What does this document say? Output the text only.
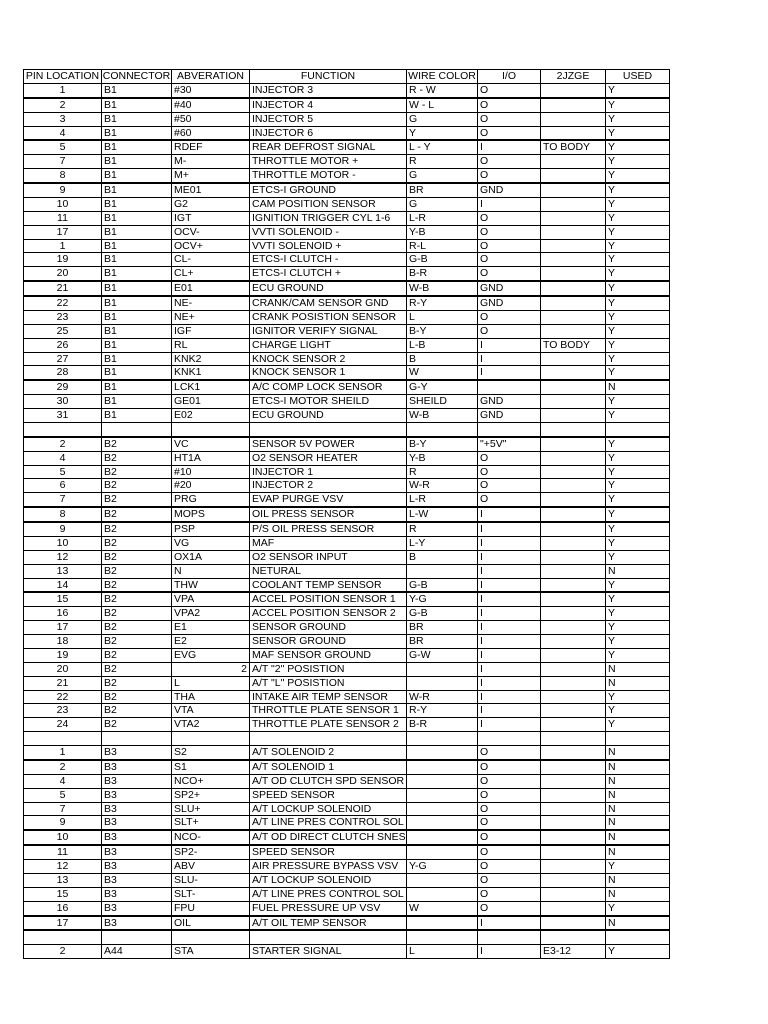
PIN LOCATION	CONNECTOR	ABVERATION	FUNCTION	WIRE COLOR	I/O	2JZGE	USED
1	B1	#30	INJECTOR 3	R - W	O		Y
2	B1	#40	INJECTOR 4	W - L	O		Y
3	B1	#50	INJECTOR 5	G	O		Y
4	B1	#60	INJECTOR 6	Y	O		Y
5	B1	RDEF	REAR DEFROST SIGNAL	L - Y	I	TO BODY	Y
7	B1	M-	THROTTLE MOTOR +	R	O		Y
8	B1	M+	THROTTLE MOTOR -	G	O		Y
9	B1	ME01	ETCS-I GROUND	BR	GND		Y
10	B1	G2	CAM POSITION SENSOR	G	I		Y
11	B1	IGT	IGNITION TRIGGER CYL 1-6	L-R	O		Y
17	B1	OCV-	VVTI SOLENOID -	Y-B	O		Y
1	B1	OCV+	VVTI SOLENOID +	R-L	O		Y
19	B1	CL-	ETCS-I CLUTCH -	G-B	O		Y
20	B1	CL+	ETCS-I CLUTCH +	B-R	O		Y
21	B1	E01	ECU GROUND	W-B	GND		Y
22	B1	NE-	CRANK/CAM SENSOR GND	R-Y	GND		Y
23	B1	NE+	CRANK POSISTION SENSOR	L	O		Y
25	B1	IGF	IGNITOR VERIFY SIGNAL	B-Y	O		Y
26	B1	RL	CHARGE LIGHT	L-B	I	TO BODY	Y
27	B1	KNK2	KNOCK SENSOR 2	B	I		Y
28	B1	KNK1	KNOCK SENSOR 1	W	I		Y
29	B1	LCK1	A/C COMP LOCK SENSOR	G-Y			N
30	B1	GE01	ETCS-I MOTOR SHEILD	SHEILD	GND		Y
31	B1	E02	ECU GROUND	W-B	GND		Y

2	B2	VC	SENSOR 5V POWER	B-Y	"+5V"		Y
4	B2	HT1A	O2 SENSOR HEATER	Y-B	O		Y
5	B2	#10	INJECTOR 1	R	O		Y
6	B2	#20	INJECTOR 2	W-R	O		Y
7	B2	PRG	EVAP PURGE VSV	L-R	O		Y
8	B2	MOPS	OIL PRESS SENSOR	L-W	I		Y
9	B2	PSP	P/S OIL PRESS SENSOR	R	I		Y
10	B2	VG	MAF	L-Y	I		Y
12	B2	OX1A	O2 SENSOR INPUT	B	I		Y
13	B2	N	NETURAL		I		N
14	B2	THW	COOLANT TEMP SENSOR	G-B	I		Y
15	B2	VPA	ACCEL POSITION SENSOR 1	Y-G	I		Y
16	B2	VPA2	ACCEL POSITION SENSOR 2	G-B	I		Y
17	B2	E1	SENSOR GROUND	BR	I		Y
18	B2	E2	SENSOR GROUND	BR	I		Y
19	B2	EVG	MAF SENSOR GROUND	G-W	I		Y
20	B2	2	A/T "2" POSISTION		I		N
21	B2	L	A/T "L" POSISTION		I		N
22	B2	THA	INTAKE AIR TEMP SENSOR	W-R	I		Y
23	B2	VTA	THROTTLE PLATE SENSOR 1	R-Y	I		Y
24	B2	VTA2	THROTTLE PLATE SENSOR 2	B-R	I		Y

1	B3	S2	A/T SOLENOID 2		O		N
2	B3	S1	A/T SOLENOID 1		O		N
4	B3	NCO+	A/T OD CLUTCH SPD SENSOR		O		N
5	B3	SP2+	SPEED SENSOR		O		N
7	B3	SLU+	A/T LOCKUP SOLENOID		O		N
9	B3	SLT+	A/T LINE PRES CONTROL SOL		O		N
10	B3	NCO-	A/T OD DIRECT CLUTCH SNES		O		N
11	B3	SP2-	SPEED SENSOR		O		N
12	B3	ABV	AIR PRESSURE BYPASS VSV	Y-G	O		Y
13	B3	SLU-	A/T LOCKUP SOLENOID		O		N
15	B3	SLT-	A/T LINE PRES CONTROL SOL		O		N
16	B3	FPU	FUEL PRESSURE UP VSV	W	O		Y
17	B3	OIL	A/T OIL TEMP SENSOR		I		N

2	A44	STA	STARTER SIGNAL	L	I	E3-12	Y
